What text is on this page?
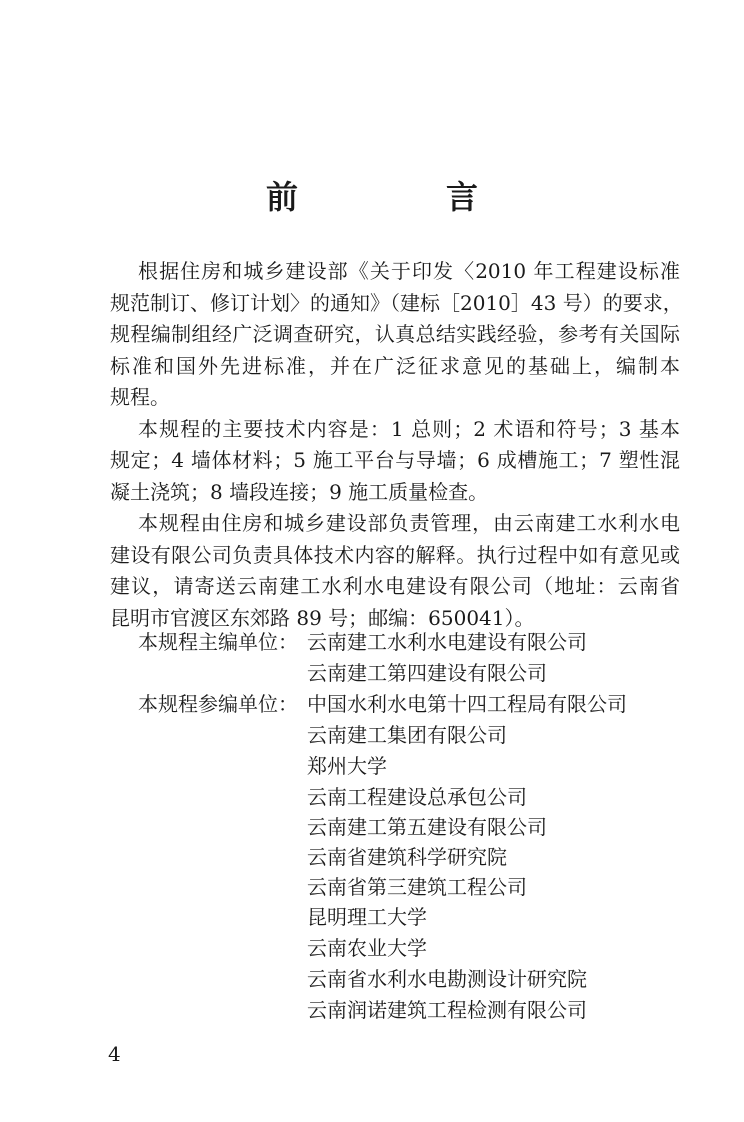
前　言
根据住房和城乡建设部《关于印发〈2010 年工程建设标准
规范制订、修订计划〉的通知》（建标［2010］43 号）的要求，
规程编制组经广泛调查研究，认真总结实践经验，参考有关国际
标准和国外先进标准，并在广泛征求意见的基础上，编制本
规程。
本规程的主要技术内容是：1 总则；2 术语和符号；3 基本
规定；4 墙体材料；5 施工平台与导墙；6 成槽施工；7 塑性混
凝土浇筑；8 墙段连接；9 施工质量检查。
本规程由住房和城乡建设部负责管理，由云南建工水利水电
建设有限公司负责具体技术内容的解释。执行过程中如有意见或
建议，请寄送云南建工水利水电建设有限公司（地址：云南省
昆明市官渡区东郊路 89 号；邮编：650041）。
本规程主编单位： 云南建工水利水电建设有限公司
云南建工第四建设有限公司
本规程参编单位： 中国水利水电第十四工程局有限公司
云南建工集团有限公司
郑州大学
云南工程建设总承包公司
云南建工第五建设有限公司
云南省建筑科学研究院
云南省第三建筑工程公司
昆明理工大学
云南农业大学
云南省水利水电勘测设计研究院
云南润诺建筑工程检测有限公司
4
